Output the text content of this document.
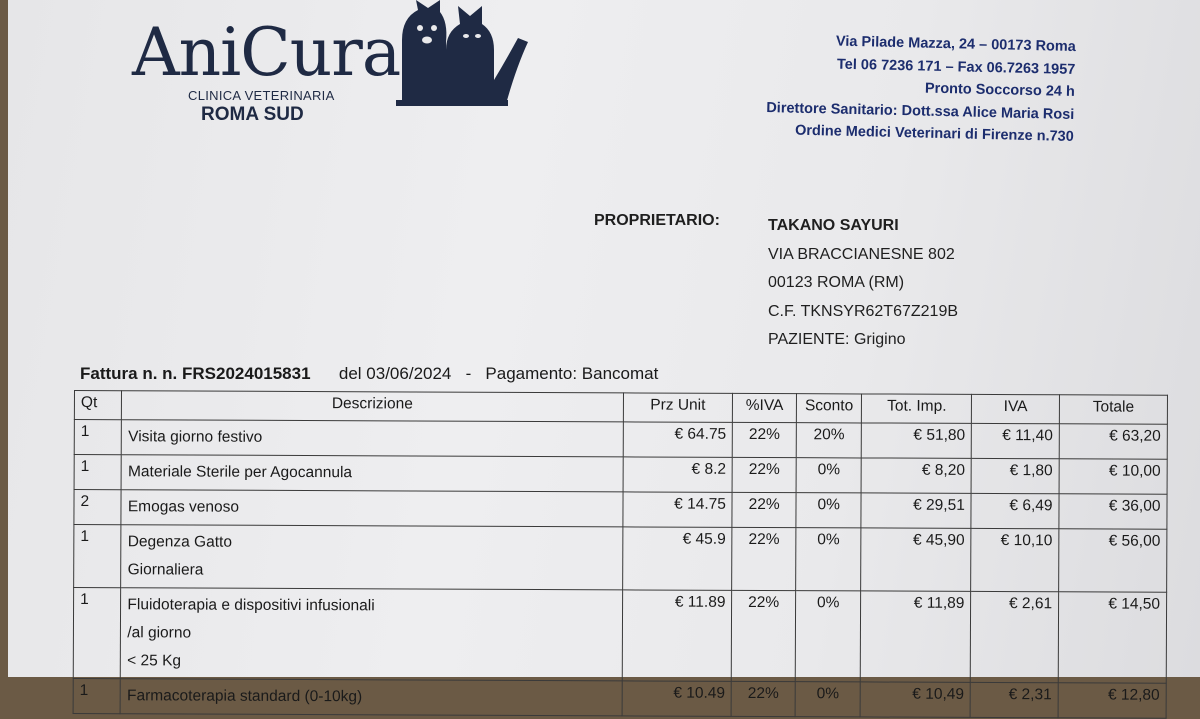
AniCura
CLINICA VETERINARIA
ROMA SUD
Via Pilade Mazza, 24 – 00173 Roma
Tel 06 7236 171 – Fax 06.7263 1957
Pronto Soccorso 24 h
Direttore Sanitario: Dott.ssa Alice Maria Rosi
Ordine Medici Veterinari di Firenze n.730
PROPRIETARIO:	TAKANO SAYURI
VIA BRACCIANESNE 802
00123 ROMA (RM)
C.F. TKNSYR62T67Z219B
PAZIENTE: Grigino
Fattura n. n. FRS2024015831 del 03/06/2024 - Pagamento: Bancomat
Qt	Descrizione	Prz Unit	%IVA	Sconto	Tot. Imp.	IVA	Totale
1	Visita giorno festivo	€ 64.75	22%	20%	€ 51,80	€ 11,40	€ 63,20
1	Materiale Sterile per Agocannula	€ 8.2	22%	0%	€ 8,20	€ 1,80	€ 10,00
2	Emogas venoso	€ 14.75	22%	0%	€ 29,51	€ 6,49	€ 36,00
1	Degenza Gatto
Giornaliera	€ 45.9	22%	0%	€ 45,90	€ 10,10	€ 56,00
1	Fluidoterapia e dispositivi infusionali
/al giorno
< 25 Kg	€ 11.89	22%	0%	€ 11,89	€ 2,61	€ 14,50
1	Farmacoterapia standard (0-10kg)	€ 10.49	22%	0%	€ 10,49	€ 2,31	€ 12,80
